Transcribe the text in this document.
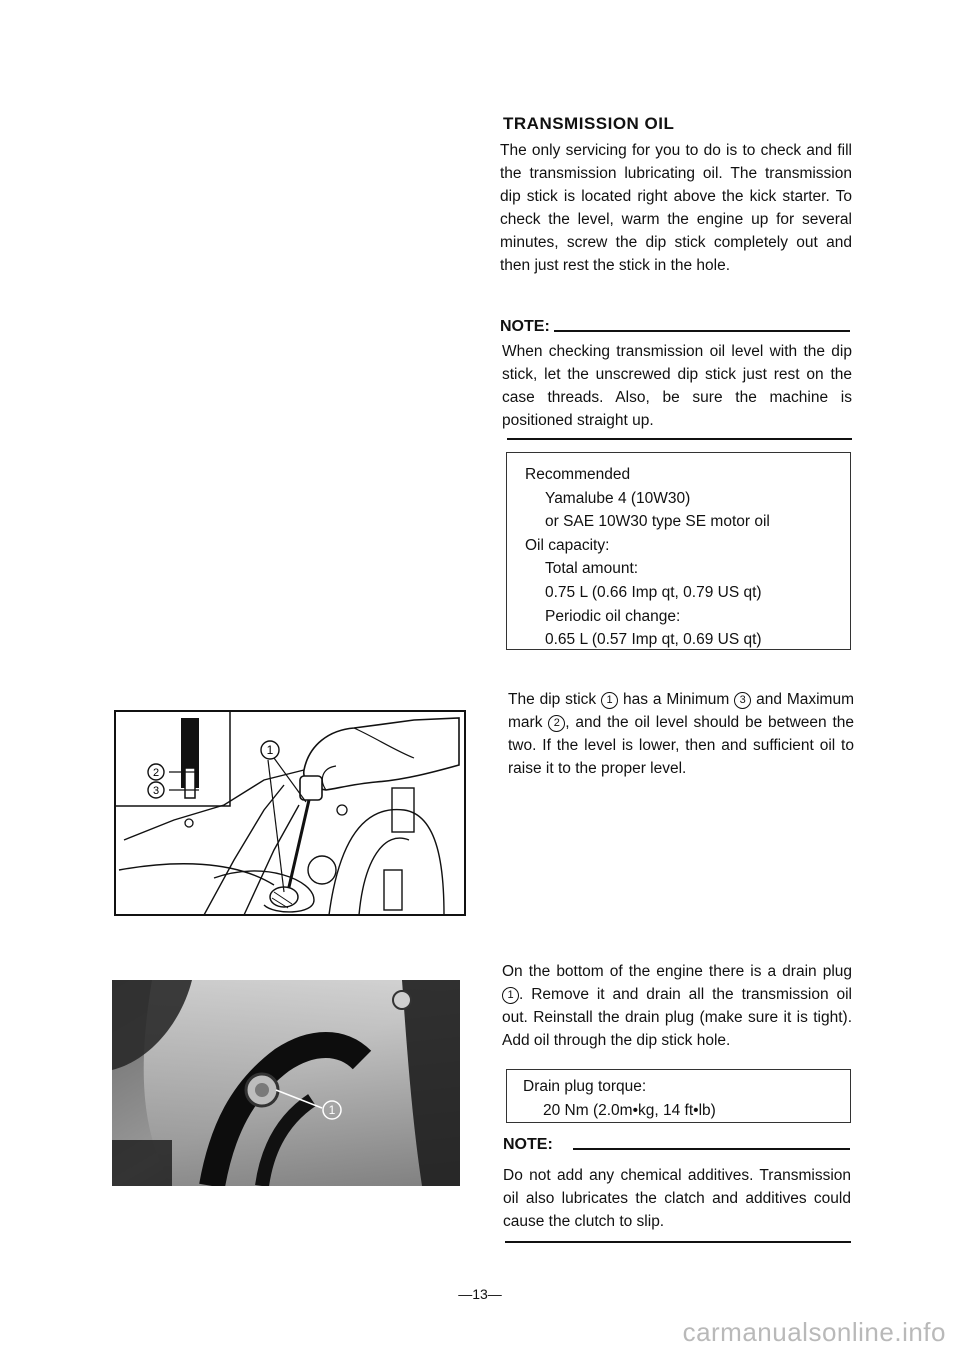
TRANSMISSION OIL

The only servicing for you to do is to check and fill the transmission lubricating oil. The transmission dip stick is located right above the kick starter. To check the level, warm the engine up for several minutes, screw the dip stick completely out and then just rest the stick in the hole.

NOTE:

When checking transmission oil level with the dip stick, let the unscrewed dip stick just rest on the case threads. Also, be sure the machine is positioned straight up.

Recommended
Yamalube 4 (10W30)
or SAE 10W30 type SE motor oil
Oil capacity:
Total amount:
0.75 L (0.66 Imp qt, 0.79 US qt)
Periodic oil change:
0.65 L (0.57 Imp qt, 0.69 US qt)

The dip stick 1 has a Minimum 3 and Maximum mark 2 , and the oil level should be between the two. If the level is lower, then and sufficient oil to raise it to the proper level.

2
3
1
1

On the bottom of the engine there is a drain plug 1 . Remove it and drain all the transmission oil out. Reinstall the drain plug (make sure it is tight). Add oil through the dip stick hole.

Drain plug torque:
20 Nm (2.0m•kg, 14 ft•lb)
NOTE:

Do not add any chemical additives. Transmission oil also lubricates the clatch and additives could cause the clutch to slip.

—13—
carmanualsonline.info
